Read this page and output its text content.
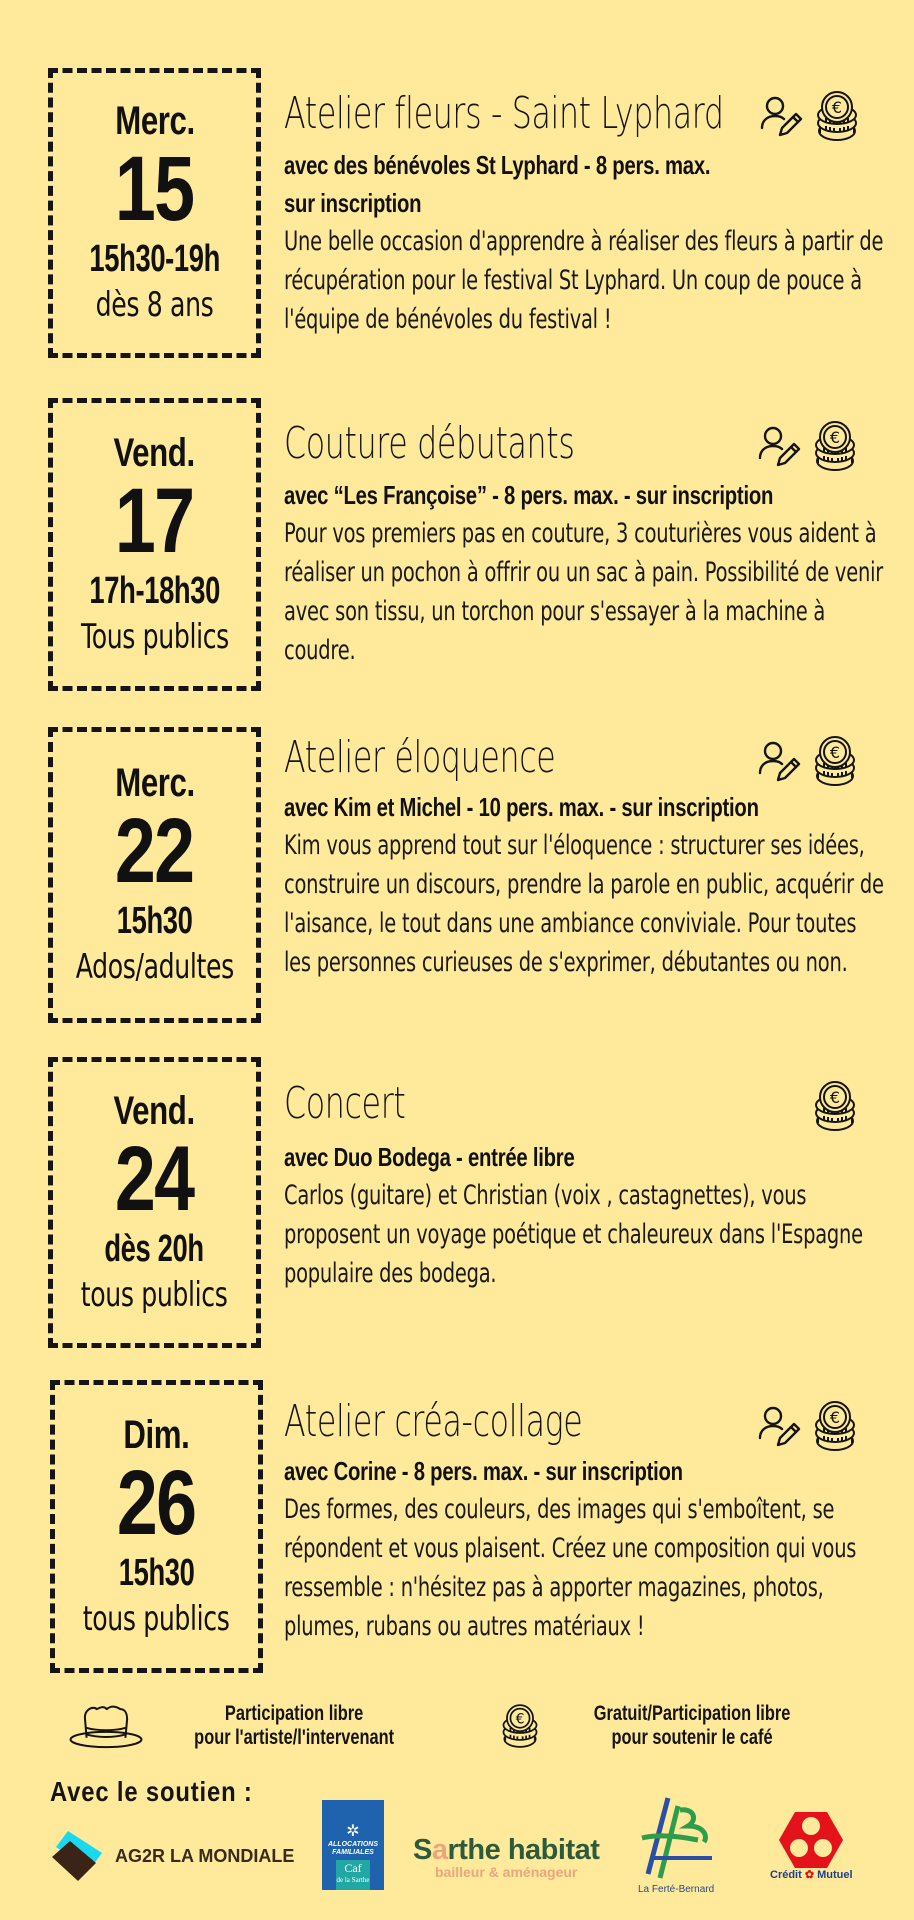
Merc.
15
15h30-19h
dès 8 ans
Atelier fleurs - Saint Lyphard
avec des bénévoles St Lyphard - 8 pers. max.
sur inscription
Une belle occasion d'apprendre à réaliser des fleurs à partir de récupération pour le festival St Lyphard. Un coup de pouce à l'équipe de bénévoles du festival !
Vend.
17
17h-18h30
Tous publics
Couture débutants
avec “Les Françoise” - 8 pers. max. - sur inscription
Pour vos premiers pas en couture, 3 couturières vous aident à réaliser un pochon à offrir ou un sac à pain. Possibilité de venir avec son tissu, un torchon pour s'essayer à la machine à coudre.
Merc.
22
15h30
Ados/adultes
Atelier éloquence
avec Kim et Michel - 10 pers. max. - sur inscription
Kim vous apprend tout sur l'éloquence : structurer ses idées, construire un discours, prendre la parole en public, acquérir de l'aisance, le tout dans une ambiance conviviale. Pour toutes les personnes curieuses de s'exprimer, débutantes ou non.
Vend.
24
dès 20h
tous publics
Concert
avec Duo Bodega - entrée libre
Carlos (guitare) et Christian (voix , castagnettes), vous proposent un voyage poétique et chaleureux dans l'Espagne populaire des bodega.
Dim.
26
15h30
tous publics
Atelier créa-collage
avec Corine - 8 pers. max. - sur inscription
Des formes, des couleurs, des images qui s'emboîtent, se répondent et vous plaisent. Créez une composition qui vous ressemble : n'hésitez pas à apporter magazines, photos, plumes, rubans ou autres matériaux !
Participation libre
pour l'artiste/l'intervenant
Gratuit/Participation libre
pour soutenir le café
Avec le soutien :
AG2R LA MONDIALE
✲
ALLOCATIONS
FAMILIALES
Caf
de la Sarthe
Sarthe habitat
bailleur & aménageur
La Ferté-Bernard
Crédit ✿ Mutuel
